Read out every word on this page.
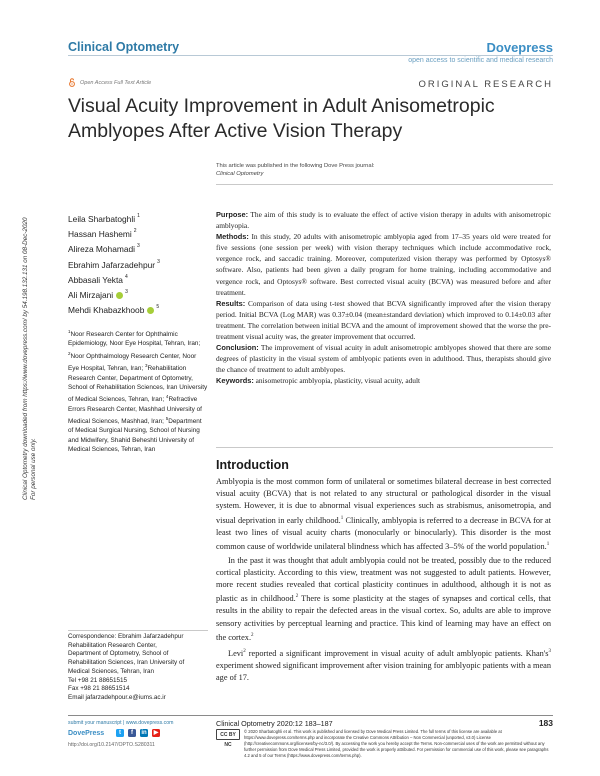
Clinical Optometry	Dovepress
open access to scientific and medical research
Open Access Full Text Article	ORIGINAL RESEARCH
Visual Acuity Improvement in Adult Anisometropic Amblyopes After Active Vision Therapy
This article was published in the following Dove Press journal:
Clinical Optometry
Clinical Optometry downloaded from https://www.dovepress.com/ by 54.198.132.131 on 08-Dec-2020 For personal use only.
Leila Sharbatoghli $^1$
Hassan Hashemi $^2$
Alireza Mohamadi $^3$
Ebrahim Jafarzadehpur $^3$
Abbasali Yekta $^4$
Ali Mirzajani $^3$
Mehdi Khabazkhoob $^5$
$^1$Noor Research Center for Ophthalmic Epidemiology, Noor Eye Hospital, Tehran, Iran; $^2$Noor Ophthalmology Research Center, Noor Eye Hospital, Tehran, Iran; $^3$Rehabilitation Research Center, Department of Optometry, School of Rehabilitation Sciences, Iran University of Medical Sciences, Tehran, Iran; $^4$Refractive Errors Research Center, Mashhad University of Medical Sciences, Mashhad, Iran; $^5$Department of Medical Surgical Nursing, School of Nursing and Midwifery, Shahid Beheshti University of Medical Sciences, Tehran, Iran

Purpose: The aim of this study is to evaluate the effect of active vision therapy in adults with anisometropic amblyopia.

Methods: In this study, 20 adults with anisometropic amblyopia aged from 17–35 years old were treated for five sessions (one session per week) with vision therapy techniques which include accommodative rock, vergence rock, and saccadic training. Moreover, computerized vision therapy was performed by Optosys® software. Also, patients had been given a daily program for home training, including accommodative and vergence rock, and Optosys® software. Best corrected visual acuity (BCVA) was measured before and after treatment.

Results: Comparison of data using t-test showed that BCVA significantly improved after the vision therapy period. Initial BCVA (Log MAR) was 0.37±0.04 (mean±standard deviation) which improved to 0.14±0.03 after treatment. The correlation between initial BCVA and the amount of improvement showed that the worse the pre-treatment visual acuity was, the greater improvement that occurred.

Conclusion: The improvement of visual acuity in adult anisometropic amblyopes showed that there are some degrees of plasticity in the visual system of amblyopic patients even in adulthood. Thus, therapists should give the chance of treatment to adult amblyopes.

Keywords: anisometropic amblyopia, plasticity, visual acuity, adult

Introduction

Amblyopia is the most common form of unilateral or sometimes bilateral decrease in best corrected visual acuity (BCVA) that is not related to any structural or pathological disorder in the visual system. However, it is due to abnormal visual experiences such as strabismus, anisometropia, and visual deprivation in early childhood.$^1$ Clinically, amblyopia is referred to a decrease in BCVA for at least two lines of visual acuity charts (monocularly or binocularly). This disorder is the most common cause of worldwide unilateral blindness which has affected 3–5% of the world population.$^1$

In the past it was thought that adult amblyopia could not be treated, possibly due to the reduced cortical plasticity. According to this view, treatment was not suggested to adult patients. However, more recent studies revealed that cortical plasticity continues in adulthood, although it is not as plastic as in childhood.$^2$ There is some plasticity at the stages of synapses and cortical cells, that results in the ability to repair the defected areas in the visual cortex. So, adults are able to improve sensory activities by perceptual learning and practice. This kind of learning may have an effect on the cortex.$^2$

Levi$^2$ reported a significant improvement in visual acuity of adult amblyopic patients. $Khan's^3$ experiment showed significant improvement after vision training for amblyopic patients with a mean age of 17.

Correspondence: Ebrahim Jafarzadehpur
Rehabilitation Research Center,
Department of Optometry, School of
Rehabilitation Sciences, Iran University of
Medical Sciences, Tehran, Iran
Tel +98 21 88651515
Fax +98 21 88651514
Email jafarzadehpour.e@iums.ac.ir
submit your manuscript | www.dovepress.com
DovePress	t	f	in ▶
http://doi.org/10.2147/OPTO.S280311
Clinical Optometry 2020:12 183–187	183
CC BY NC
© 2020 Sharbatoghli et al. This work is published and licensed by Dove Medical Press Limited. The full terms of this license are available at https://www.dovepress.com/terms.php and incorporate the Creative Commons Attribution – Non Commercial (unported, v3.0) License (http://creativecommons.org/licenses/by-nc/3.0/). By accessing the work you hereby accept the Terms. Non-commercial uses of the work are permitted without any further permission from Dove Medical Press Limited, provided the work is properly attributed. For permission for commercial use of this work, please see paragraphs 4.2 and 5 of our Terms (https://www.dovepress.com/terms.php).
